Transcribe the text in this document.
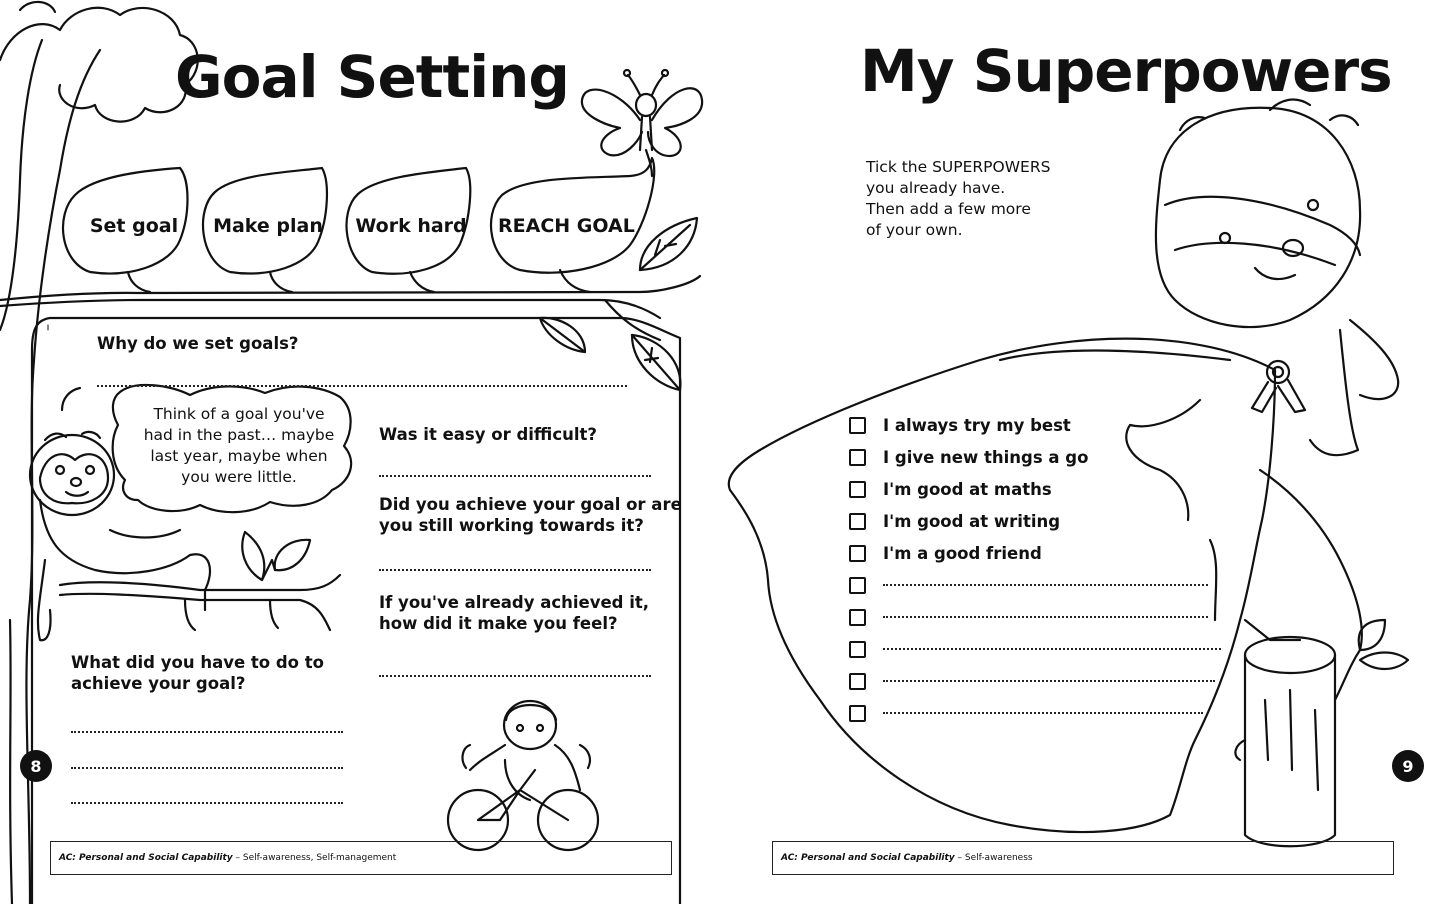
Goal Setting
Set goal	Make plan Work hard REACH GOAL
Why do we set goals?
Think of a goal you've
had in the past… maybe
last year, maybe when
you were little.
Was it easy or difficult?
Did you achieve your goal or are
you still working towards it?
If you've already achieved it,
how did it make you feel?
What did you have to do to
achieve your goal?
8
AC: Personal and Social Capability – Self-awareness, Self-management
My Superpowers
Tick the SUPERPOWERS
you already have.
Then add a few more
of your own.
I always try my best
I give new things a go
I'm good at maths
I'm good at writing
I'm a good friend
9
AC: Personal and Social Capability – Self-awareness
